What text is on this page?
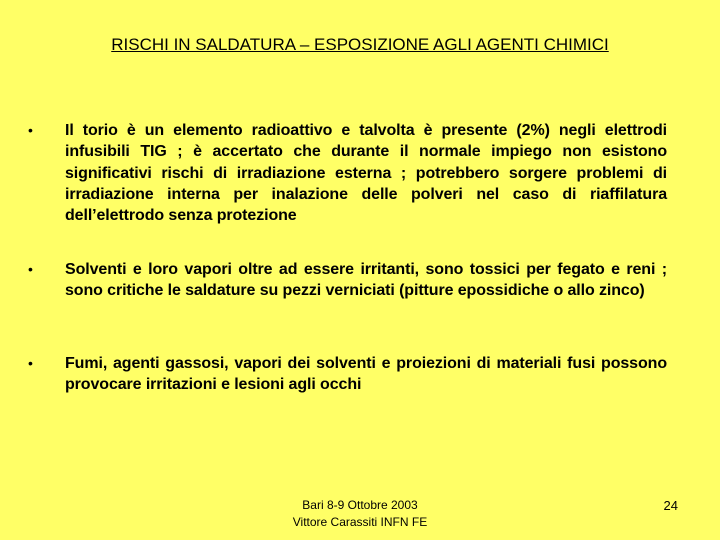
RISCHI IN SALDATURA – ESPOSIZIONE AGLI AGENTI CHIMICI
• Il torio è un elemento radioattivo e talvolta è presente (2%) negli elettrodi infusibili TIG ; è accertato che durante il normale impiego non esistono significativi rischi di irradiazione esterna ; potrebbero sorgere problemi di irradiazione interna per inalazione delle polveri nel caso di riaffilatura dell’elettrodo senza protezione
• Solventi e loro vapori oltre ad essere irritanti, sono tossici per fegato e reni ; sono critiche le saldature su pezzi verniciati (pitture epossidiche o allo zinco)
• Fumi, agenti gassosi, vapori dei solventi e proiezioni di materiali fusi possono provocare irritazioni e lesioni agli occhi
Bari 8-9 Ottobre 2003
Vittore Carassiti INFN FE
24
